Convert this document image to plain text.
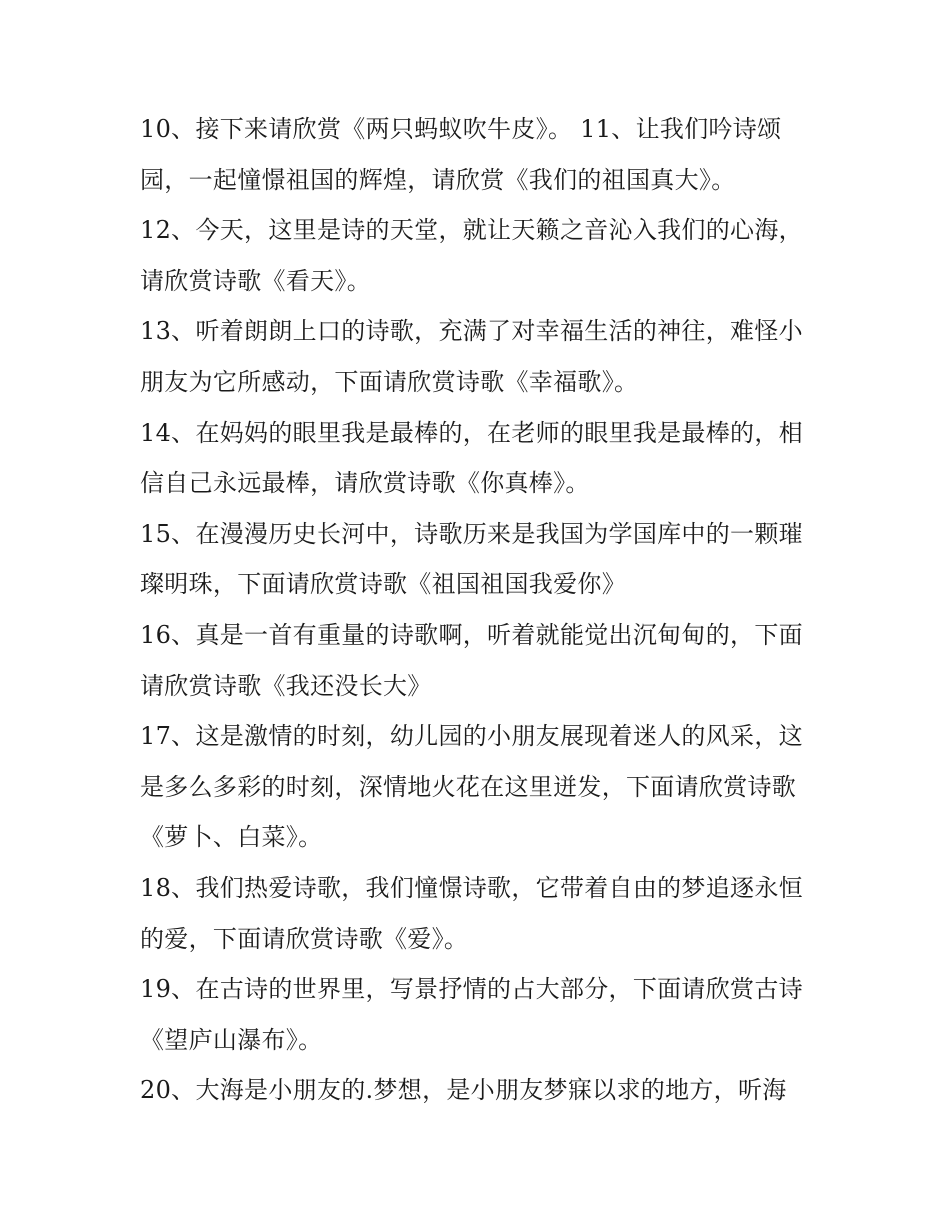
10、接下来请欣赏《两只蚂蚁吹牛皮》。 11、让我们吟诗颂
园，一起憧憬祖国的辉煌，请欣赏《我们的祖国真大》。
12、今天，这里是诗的天堂，就让天籁之音沁入我们的心海，
请欣赏诗歌《看天》。
13、听着朗朗上口的诗歌，充满了对幸福生活的神往，难怪小
朋友为它所感动，下面请欣赏诗歌《幸福歌》。
14、在妈妈的眼里我是最棒的，在老师的眼里我是最棒的，相
信自己永远最棒，请欣赏诗歌《你真棒》。
15、在漫漫历史长河中，诗歌历来是我国为学国库中的一颗璀
璨明珠，下面请欣赏诗歌《祖国祖国我爱你》
16、真是一首有重量的诗歌啊，听着就能觉出沉甸甸的，下面
请欣赏诗歌《我还没长大》
17、这是激情的时刻，幼儿园的小朋友展现着迷人的风采，这
是多么多彩的时刻，深情地火花在这里迸发，下面请欣赏诗歌
《萝卜、白菜》。
18、我们热爱诗歌，我们憧憬诗歌，它带着自由的梦追逐永恒
的爱，下面请欣赏诗歌《爱》。
19、在古诗的世界里，写景抒情的占大部分，下面请欣赏古诗
《望庐山瀑布》。
20、大海是小朋友的.梦想，是小朋友梦寐以求的地方，听海
